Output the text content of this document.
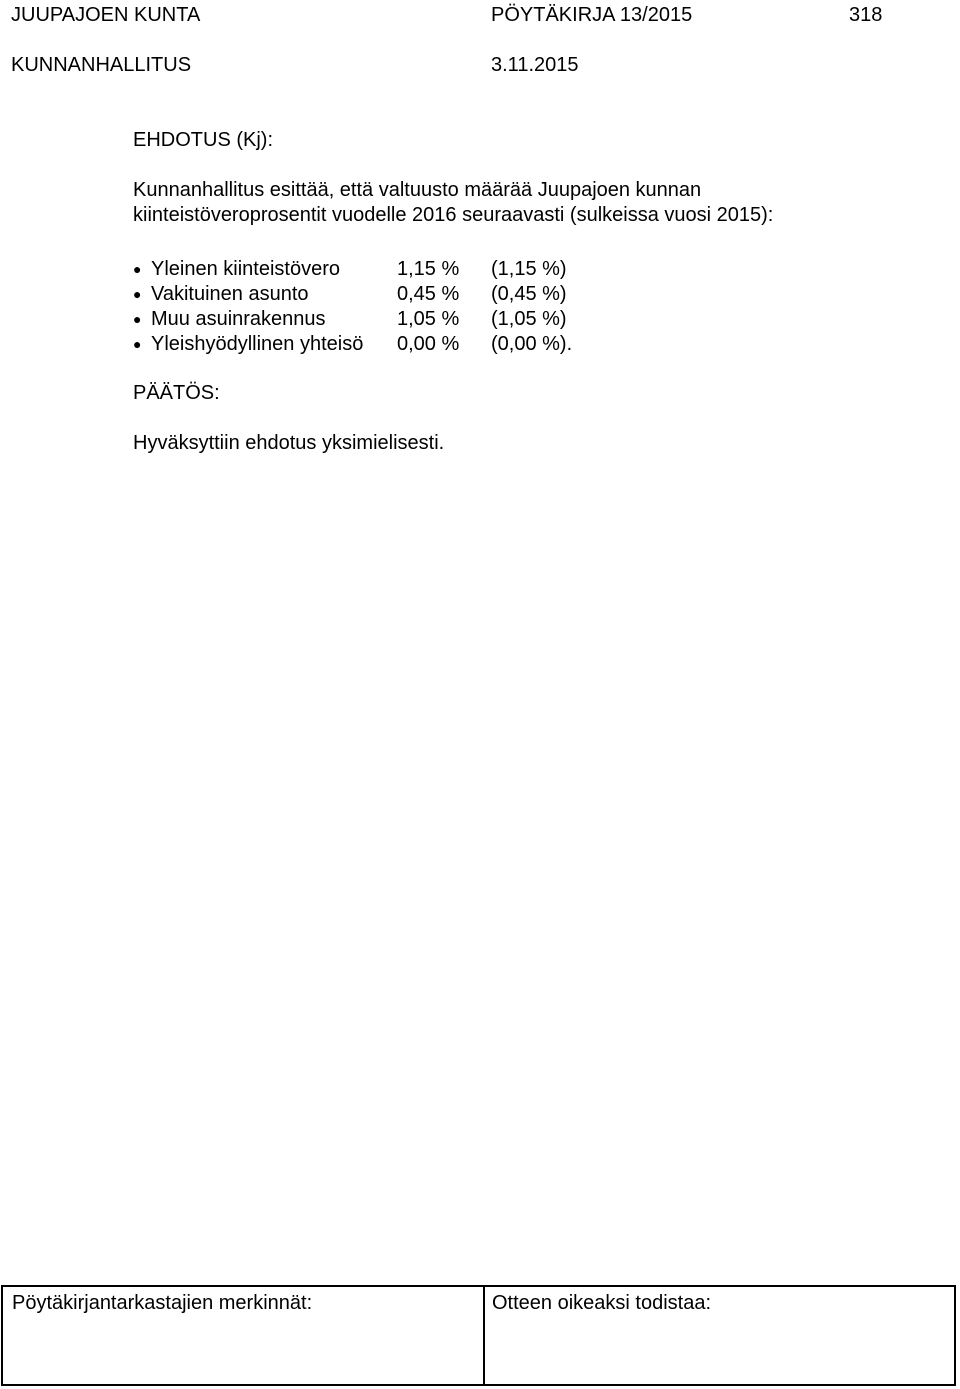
JUUPAJOEN KUNTA	PÖYTÄKIRJA 13/2015	318
KUNNANHALLITUS	3.11.2015
EHDOTUS (Kj):
Kunnanhallitus esittää, että valtuusto määrää Juupajoen kunnan
kiinteistöveroprosentit vuodelle 2016 seuraavasti (sulkeissa vuosi 2015):
● Yleinen kiinteistövero	1,15 % (1,15 %)
● Vakituinen asunto	0,45 % (0,45 %)
● Muu asuinrakennus	1,05 % (1,05 %)
● Yleishyödyllinen yhteisö 0,00 % (0,00 %).
PÄÄTÖS:
Hyväksyttiin ehdotus yksimielisesti.
Pöytäkirjantarkastajien merkinnät:	Otteen oikeaksi todistaa:
